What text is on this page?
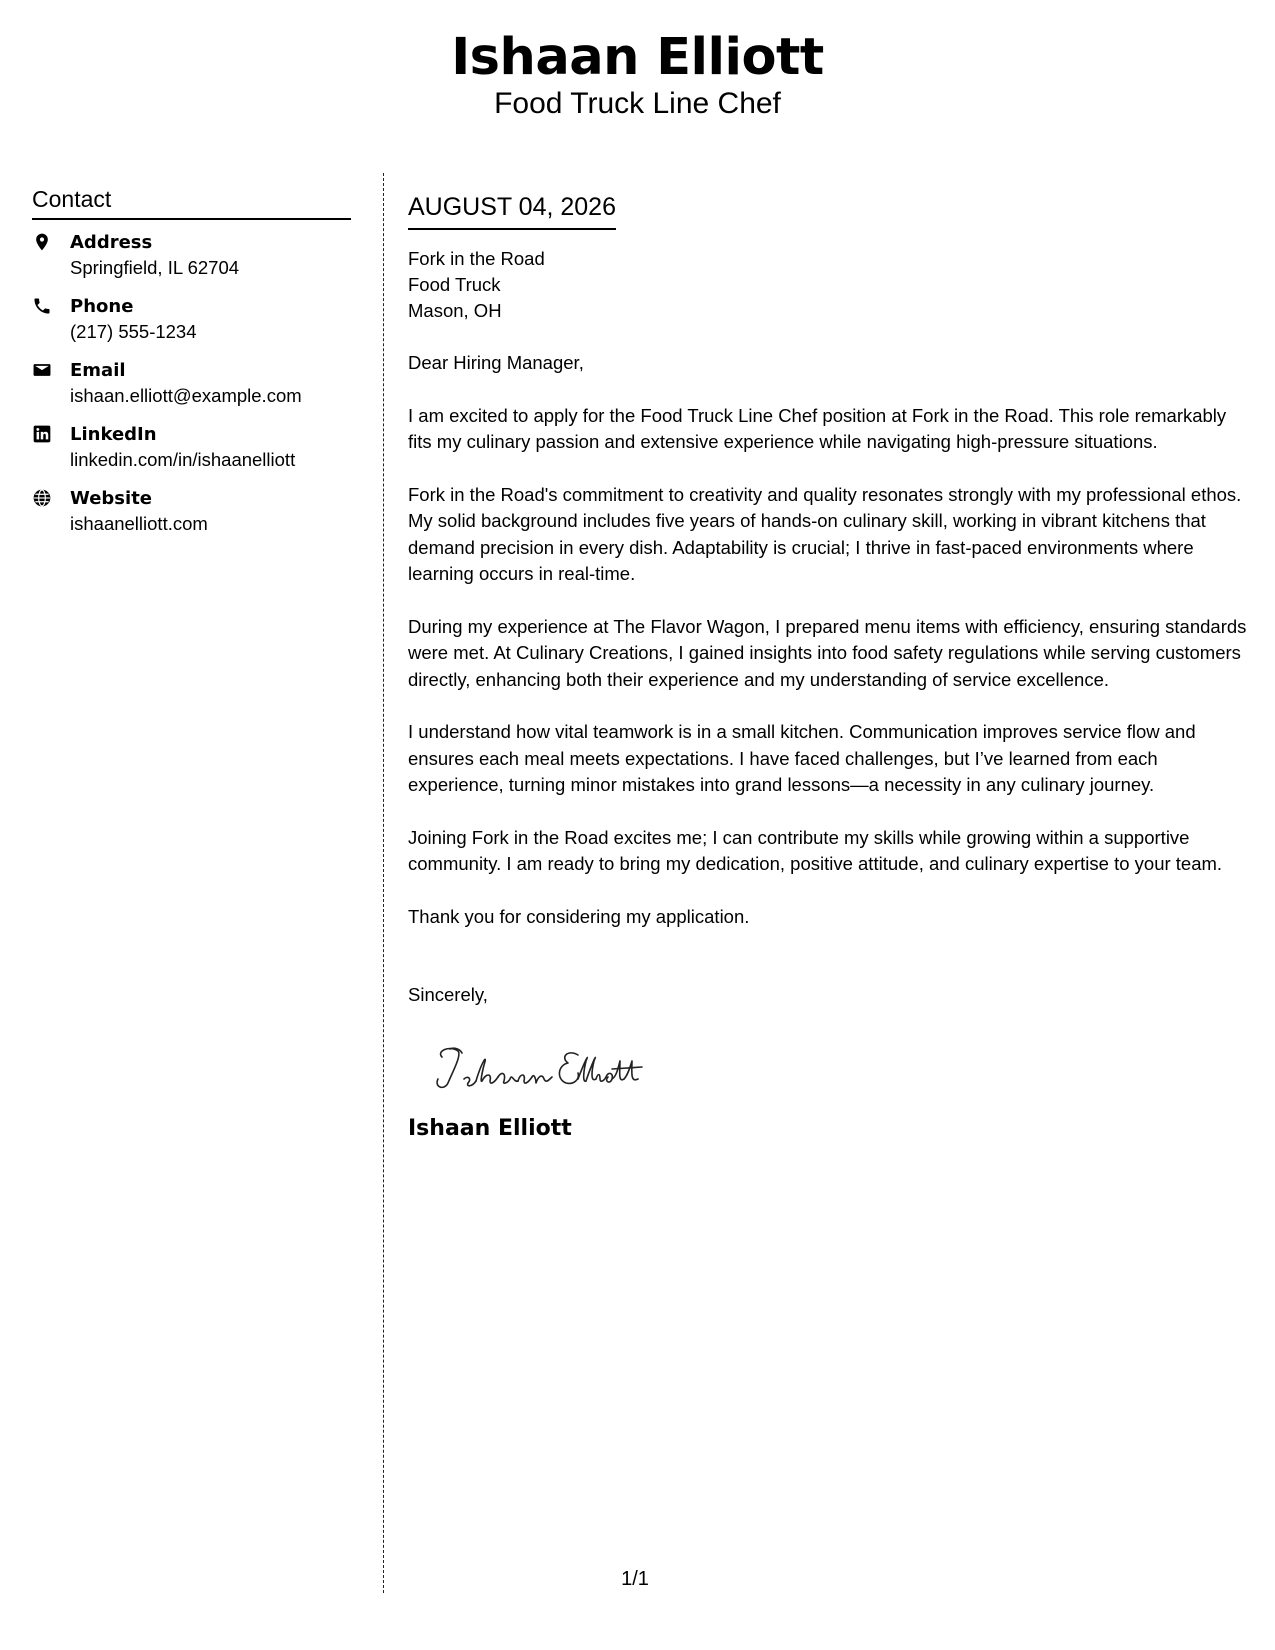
Ishaan Elliott
Food Truck Line Chef
Contact
Address
Springfield, IL 62704
Phone
(217) 555-1234
Email
ishaan.elliott@example.com
LinkedIn
linkedin.com/in/ishaanelliott
Website
ishaanelliott.com
AUGUST 04, 2026
Fork in the Road
Food Truck
Mason, OH
Dear Hiring Manager,
I am excited to apply for the Food Truck Line Chef position at Fork in the Road. This role remarkably fits my culinary passion and extensive experience while navigating high-pressure situations.
Fork in the Road's commitment to creativity and quality resonates strongly with my professional ethos. My solid background includes five years of hands-on culinary skill, working in vibrant kitchens that demand precision in every dish. Adaptability is crucial; I thrive in fast-paced environments where learning occurs in real-time.
During my experience at The Flavor Wagon, I prepared menu items with efficiency, ensuring standards were met. At Culinary Creations, I gained insights into food safety regulations while serving customers directly, enhancing both their experience and my understanding of service excellence.
I understand how vital teamwork is in a small kitchen. Communication improves service flow and ensures each meal meets expectations. I have faced challenges, but I’ve learned from each experience, turning minor mistakes into grand lessons—a necessity in any culinary journey.
Joining Fork in the Road excites me; I can contribute my skills while growing within a supportive community. I am ready to bring my dedication, positive attitude, and culinary expertise to your team.
Thank you for considering my application.
Sincerely,
Ishaan Elliott
1/1
